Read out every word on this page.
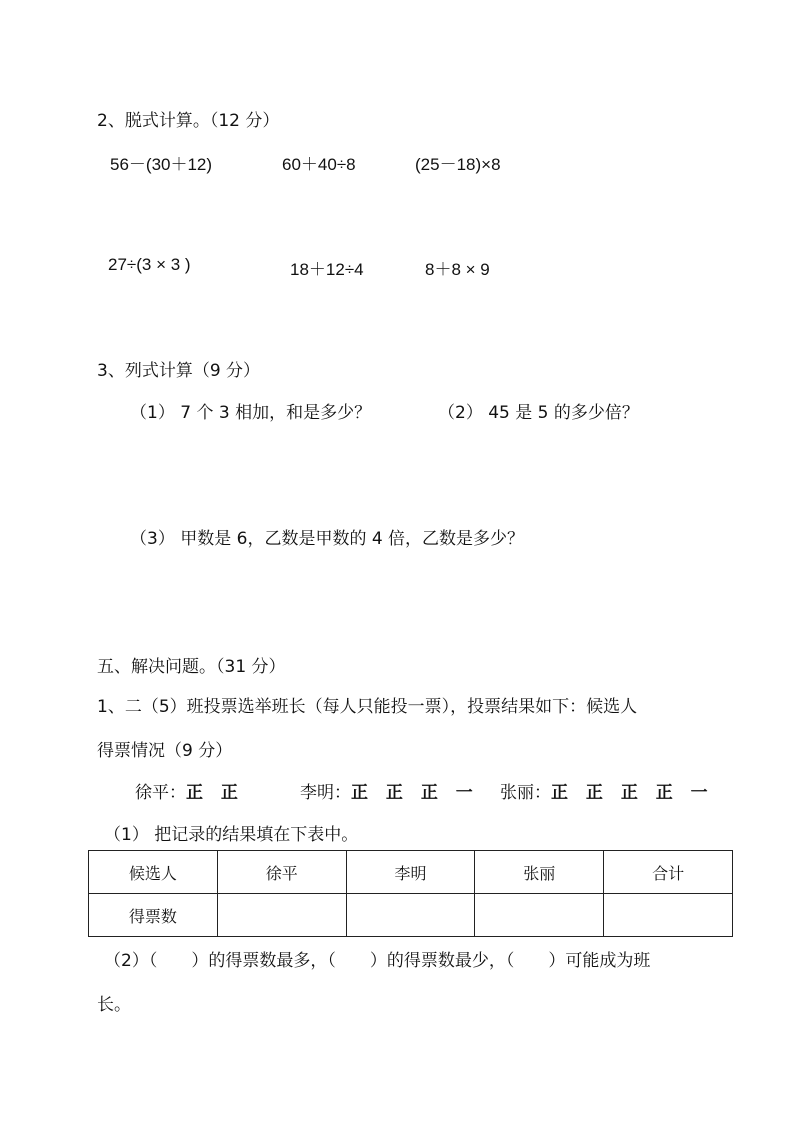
2、脱式计算。（12 分）
56－(30＋12)	60＋40÷8	(25－18)×8
27÷(3 × 3 )	18＋12÷4	8＋8 × 9
3、列式计算（9 分）
（1） 7 个 3 相加，和是多少？	（2） 45 是 5 的多少倍？
（3） 甲数是 6，乙数是甲数的 4 倍，乙数是多少？
五、解决问题。（31 分）
1、二（5）班投票选举班长（每人只能投一票），投票结果如下：候选人
得票情况（9 分）
徐平：正 正	李明：正 正 正 一 张丽：正 正 正 正 一
（1） 把记录的结果填在下表中。
候选人	徐平	李明	张丽	合计
得票数				
（2）（　　）的得票数最多，（　　）的得票数最少，（　　）可能成为班
长。
